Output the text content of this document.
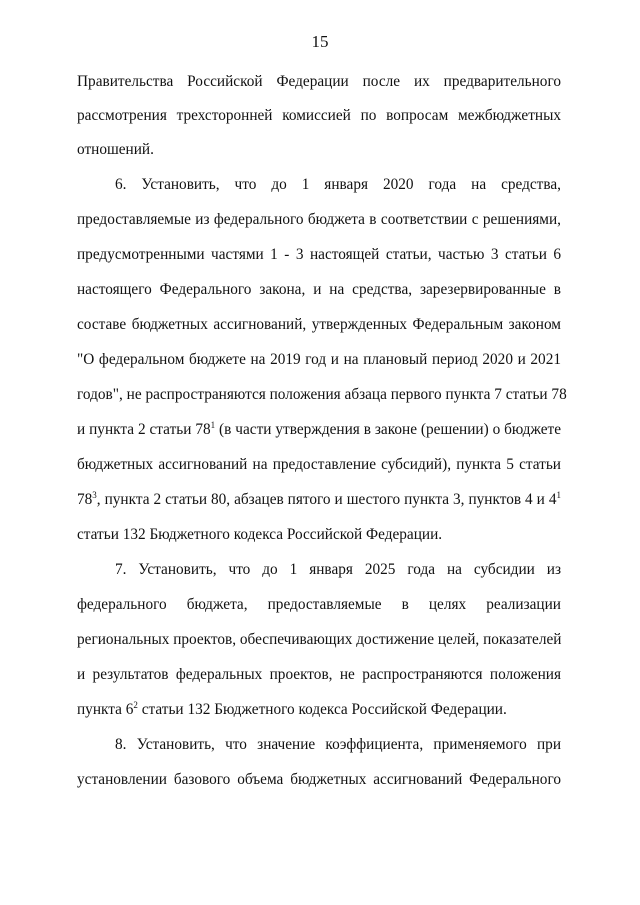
15
Правительства Российской Федерации после их предварительного
рассмотрения трехсторонней комиссией по вопросам межбюджетных
отношений.
6. Установить, что до 1 января 2020 года на средства,
предоставляемые из федерального бюджета в соответствии с решениями,
предусмотренными частями 1 - 3 настоящей статьи, частью 3 статьи 6
настоящего Федерального закона, и на средства, зарезервированные в
составе бюджетных ассигнований, утвержденных Федеральным законом
"О федеральном бюджете на 2019 год и на плановый период 2020 и 2021
годов", не распространяются положения абзаца первого пункта 7 статьи 78
и пункта 2 статьи $78^1$ (в части утверждения в законе (решении) о бюджете
бюджетных ассигнований на предоставление субсидий), пункта 5 статьи
$78^3$, пункта 2 статьи 80, абзацев пятого и шестого пункта 3, пунктов 4 и $4^1$
статьи 132 Бюджетного кодекса Российской Федерации.
7. Установить, что до 1 января 2025 года на субсидии из
федерального бюджета, предоставляемые в целях реализации
региональных проектов, обеспечивающих достижение целей, показателей
и результатов федеральных проектов, не распространяются положения
пункта $6^2$ статьи 132 Бюджетного кодекса Российской Федерации.
8. Установить, что значение коэффициента, применяемого при
установлении базового объема бюджетных ассигнований Федерального
